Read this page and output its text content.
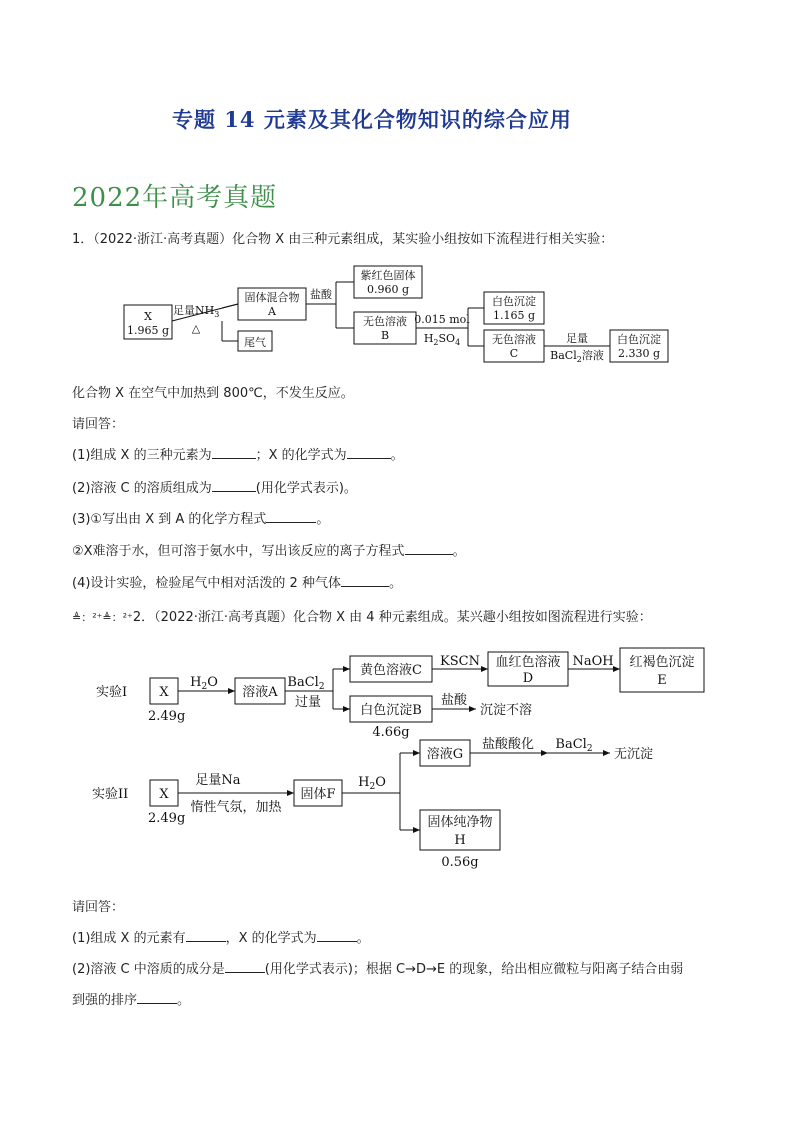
专题 14 元素及其化合物知识的综合应用
2022年高考真题
1．（2022·浙江·高考真题）化合物 X 由三种元素组成，某实验小组按如下流程进行相关实验：
X
1.965 g
足量$NH_3$
△
固体混合物
A
尾气
盐酸
紫红色固体
0.960 g
无色溶液
B
0.015 mol
$H_2SO_4$
白色沉淀
1.165 g
无色溶液
C
足量
BaCl$_2$溶液
白色沉淀
2.330 g
化合物 X 在空气中加热到 800℃，不发生反应。
请回答：
(1)组成 X 的三种元素为	；X 的化学式为	。
(2)溶液 C 的溶质组成为	(用化学式表示)。
(3)①写出由 X 到 A 的化学方程式	。
②X难溶于水，但可溶于氨水中，写出该反应的离子方程式	。
(4)设计实验，检验尾气中相对活泼的 2 种气体	。
≜：²⁺≜：²⁺2．（2022·浙江·高考真题）化合物 X 由 4 种元素组成。某兴趣小组按如图流程进行实验：
实验I
实验II
X
2.49g
$H_2O$
溶液A
BaCl$_2$
过量
黄色溶液C
KSCN 血红色溶液
D
NaOH 红褐色沉淀
E
白色沉淀B
4.66g
盐酸
沉淀不溶
X
2.49g
足量Na
惰性气氛，加热
固体F
$H_2O$
溶液G
盐酸酸化 BaCl$_2$ 无沉淀
固体纯净物
H
0.56g
请回答：
(1)组成 X 的元素有	，X 的化学式为	。
(2)溶液 C 中溶质的成分是	(用化学式表示)；根据 C→D→E 的现象，给出相应微粒与阳离子结合由弱
到强的排序	。
